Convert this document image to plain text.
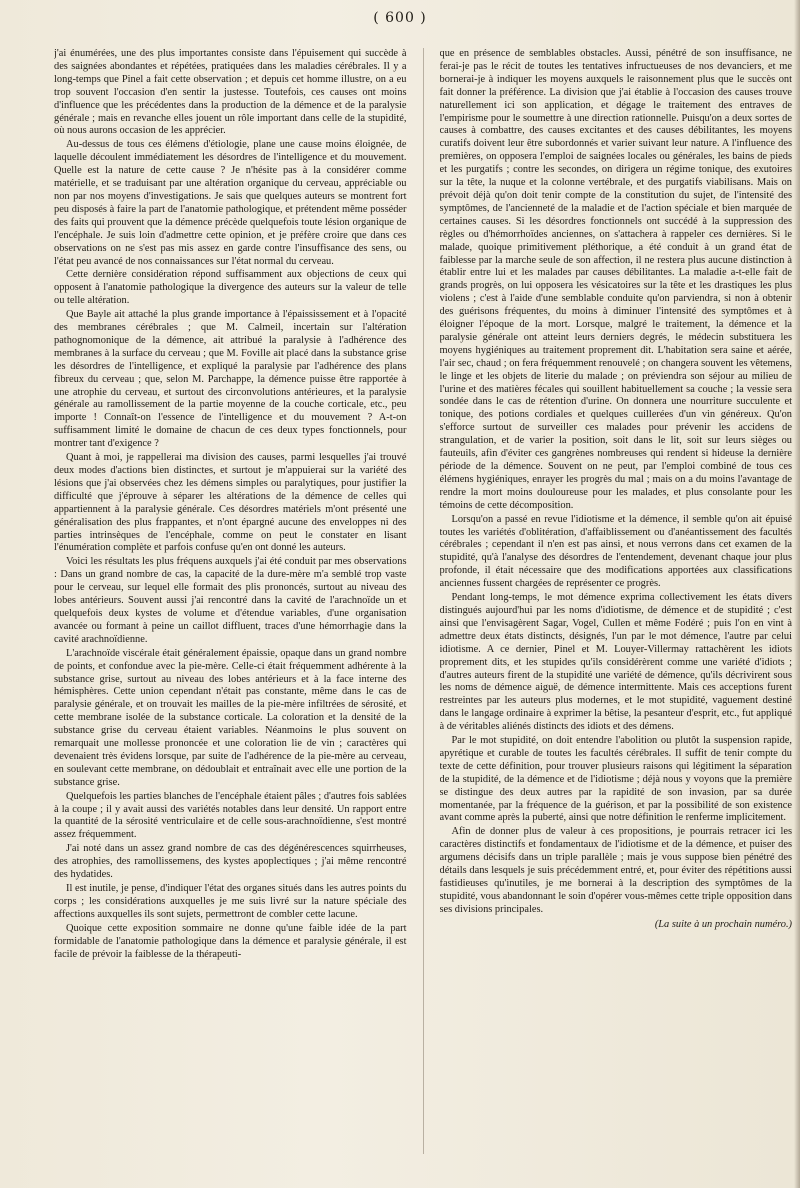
( 600 )

j'ai énumérées, une des plus importantes consiste dans l'épuisement qui succède à des saignées abondantes et répétées, pratiquées dans les maladies cérébrales. Il y a long-temps que Pinel a fait cette observation ; et depuis cet homme illustre, on a eu trop souvent l'occasion d'en sentir la justesse. Toutefois, ces causes ont moins d'influence que les précédentes dans la production de la démence et de la paralysie générale ; mais en revanche elles jouent un rôle important dans celle de la stupidité, où nous aurons occasion de les apprécier.

Au-dessus de tous ces élémens d'étiologie, plane une cause moins éloignée, de laquelle découlent immédiatement les désordres de l'intelligence et du mouvement. Quelle est la nature de cette cause ? Je n'hésite pas à la considérer comme matérielle, et se traduisant par une altération organique du cerveau, appréciable ou non par nos moyens d'investigations. Je sais que quelques auteurs se montrent fort peu disposés à faire la part de l'anatomie pathologique, et prétendent même posséder des faits qui prouvent que la démence précède quelquefois toute lésion organique de l'encéphale. Je suis loin d'admettre cette opinion, et je préfère croire que dans ces observations on ne s'est pas mis assez en garde contre l'insuffisance des sens, ou l'état peu avancé de nos connaissances sur l'état normal du cerveau.

Cette dernière considération répond suffisamment aux objections de ceux qui opposent à l'anatomie pathologique la divergence des auteurs sur la valeur de telle ou telle altération.

Que Bayle ait attaché la plus grande importance à l'épaississement et à l'opacité des membranes cérébrales ; que M. Calmeil, incertain sur l'altération pathognomonique de la démence, ait attribué la paralysie à l'adhérence des membranes à la surface du cerveau ; que M. Foville ait placé dans la substance grise les désordres de l'intelligence, et expliqué la paralysie par l'adhérence des plans fibreux du cerveau ; que, selon M. Parchappe, la démence puisse être rapportée à une atrophie du cerveau, et surtout des circonvolutions antérieures, et la paralysie générale au ramollissement de la partie moyenne de la couche corticale, etc., peu importe ! Connaît-on l'essence de l'intelligence et du mouvement ? A-t-on suffisamment limité le domaine de chacun de ces deux types fonctionnels, pour montrer tant d'exigence ?

Quant à moi, je rappellerai ma division des causes, parmi lesquelles j'ai trouvé deux modes d'actions bien distinctes, et surtout je m'appuierai sur la variété des lésions que j'ai observées chez les démens simples ou paralytiques, pour justifier la difficulté que j'éprouve à séparer les altérations de la démence de celles qui appartiennent à la paralysie générale. Ces désordres matériels m'ont présenté une généralisation des plus frappantes, et n'ont épargné aucune des enveloppes ni des parties intrinsèques de l'encéphale, comme on peut le constater en lisant l'énumération complète et parfois confuse qu'en ont donné les auteurs.

Voici les résultats les plus fréquens auxquels j'ai été conduit par mes observations : Dans un grand nombre de cas, la capacité de la dure-mère m'a semblé trop vaste pour le cerveau, sur lequel elle formait des plis prononcés, surtout au niveau des lobes antérieurs. Souvent aussi j'ai rencontré dans la cavité de l'arachnoïde un et quelquefois deux kystes de volume et d'étendue variables, d'une organisation avancée ou formant à peine un caillot diffluent, traces d'une hémorrhagie dans la cavité arachnoïdienne.

L'arachnoïde viscérale était généralement épaissie, opaque dans un grand nombre de points, et confondue avec la pie-mère. Celle-ci était fréquemment adhérente à la substance grise, surtout au niveau des lobes antérieurs et à la face interne des hémisphères. Cette union cependant n'était pas constante, même dans le cas de paralysie générale, et on trouvait les mailles de la pie-mère infiltrées de sérosité, et cette membrane isolée de la substance corticale. La coloration et la densité de la substance grise du cerveau étaient variables. Néanmoins le plus souvent on remarquait une mollesse prononcée et une coloration lie de vin ; caractères qui devenaient très évidens lorsque, par suite de l'adhérence de la pie-mère au cerveau, en soulevant cette membrane, on dédoublait et entraînait avec elle une portion de la substance grise.

Quelquefois les parties blanches de l'encéphale étaient pâles ; d'autres fois sablées à la coupe ; il y avait aussi des variétés notables dans leur densité. Un rapport entre la quantité de la sérosité ventriculaire et de celle sous-arachnoïdienne, s'est montré assez fréquemment.

J'ai noté dans un assez grand nombre de cas des dégénérescences squirrheuses, des atrophies, des ramollissemens, des kystes apoplectiques ; j'ai même rencontré des hydatides.

Il est inutile, je pense, d'indiquer l'état des organes situés dans les autres points du corps ; les considérations auxquelles je me suis livré sur la nature spéciale des affections auxquelles ils sont sujets, permettront de combler cette lacune.

Quoique cette exposition sommaire ne donne qu'une faible idée de la part formidable de l'anatomie pathologique dans la démence et paralysie générale, il est facile de prévoir la faiblesse de la thérapeuti-

que en présence de semblables obstacles. Aussi, pénétré de son insuffisance, ne ferai-je pas le récit de toutes les tentatives infructueuses de nos devanciers, et me bornerai-je à indiquer les moyens auxquels le raisonnement plus que le succès ont fait donner la préférence. La division que j'ai établie à l'occasion des causes trouve naturellement ici son application, et dégage le traitement des entraves de l'empirisme pour le soumettre à une direction rationnelle. Puisqu'on a deux sortes de causes à combattre, des causes excitantes et des causes débilitantes, les moyens curatifs doivent leur être subordonnés et varier suivant leur nature. A l'influence des premières, on opposera l'emploi de saignées locales ou générales, les bains de pieds et les purgatifs ; contre les secondes, on dirigera un régime tonique, des exutoires sur la tête, la nuque et la colonne vertébrale, et des purgatifs viabilisans. Mais on prévoit déjà qu'on doit tenir compte de la constitution du sujet, de l'intensité des symptômes, de l'ancienneté de la maladie et de l'action spéciale et bien marquée de certaines causes. Si les désordres fonctionnels ont succédé à la suppression des règles ou d'hémorrhoïdes anciennes, on s'attachera à rappeler ces dernières. Si le malade, quoique primitivement pléthorique, a été conduit à un grand état de faiblesse par la marche seule de son affection, il ne restera plus aucune distinction à établir entre lui et les malades par causes débilitantes. La maladie a-t-elle fait de grands progrès, on lui opposera les vésicatoires sur la tête et les drastiques les plus violens ; c'est à l'aide d'une semblable conduite qu'on parviendra, si non à obtenir des guérisons fréquentes, du moins à diminuer l'intensité des symptômes et à éloigner l'époque de la mort. Lorsque, malgré le traitement, la démence et la paralysie générale ont atteint leurs derniers degrés, le médecin substituera les moyens hygiéniques au traitement proprement dit. L'habitation sera saine et aérée, l'air sec, chaud ; on fera fréquemment renouvelé ; on changera souvent les vêtemens, le linge et les objets de literie du malade ; on préviendra son séjour au milieu de l'urine et des matières fécales qui souillent habituellement sa couche ; la vessie sera sondée dans le cas de rétention d'urine. On donnera une nourriture succulente et tonique, des potions cordiales et quelques cuillerées d'un vin généreux. Qu'on s'efforce surtout de surveiller ces malades pour prévenir les accidens de strangulation, et de varier la position, soit dans le lit, soit sur leurs sièges ou fauteuils, afin d'éviter ces gangrènes nombreuses qui rendent si hideuse la dernière période de la démence. Souvent on ne peut, par l'emploi combiné de tous ces élémens hygiéniques, enrayer les progrès du mal ; mais on a du moins l'avantage de rendre la mort moins douloureuse pour les malades, et plus consolante pour les témoins de cette décomposition.

Lorsqu'on a passé en revue l'idiotisme et la démence, il semble qu'on ait épuisé toutes les variétés d'oblitération, d'affaiblissement ou d'anéantissement des facultés cérébrales ; cependant il n'en est pas ainsi, et nous verrons dans cet examen de la stupidité, qu'à l'analyse des désordres de l'entendement, devenant chaque jour plus profonde, il était nécessaire que des modifications apportées aux classifications anciennes fussent chargées de représenter ce progrès.

Pendant long-temps, le mot démence exprima collectivement les états divers distingués aujourd'hui par les noms d'idiotisme, de démence et de stupidité ; c'est ainsi que l'envisagèrent Sagar, Vogel, Cullen et même Fodéré ; puis l'on en vint à admettre deux états distincts, désignés, l'un par le mot démence, l'autre par celui idiotisme. A ce dernier, Pinel et M. Louyer-Villermay rattachèrent les idiots proprement dits, et les stupides qu'ils considérèrent comme une variété d'idiots ; d'autres auteurs firent de la stupidité une variété de démence, qu'ils décrivirent sous les noms de démence aiguë, de démence intermittente. Mais ces acceptions furent restreintes par les auteurs plus modernes, et le mot stupidité, vaguement destiné dans le langage ordinaire à exprimer la bêtise, la pesanteur d'esprit, etc., fut appliqué à de véritables aliénés distincts des idiots et des démens.

Par le mot stupidité, on doit entendre l'abolition ou plutôt la suspension rapide, apyrétique et curable de toutes les facultés cérébrales. Il suffit de tenir compte du texte de cette définition, pour trouver plusieurs raisons qui légitiment la séparation de la stupidité, de la démence et de l'idiotisme ; déjà nous y voyons que la première se distingue des deux autres par la rapidité de son invasion, par sa durée momentanée, par la fréquence de la guérison, et par la possibilité de son existence avant comme après la puberté, ainsi que notre définition le renferme implicitement.

Afin de donner plus de valeur à ces propositions, je pourrais retracer ici les caractères distinctifs et fondamentaux de l'idiotisme et de la démence, et puiser des argumens décisifs dans un triple parallèle ; mais je vous suppose bien pénétré des détails dans lesquels je suis précédemment entré, et, pour éviter des répétitions aussi fastidieuses qu'inutiles, je me bornerai à la description des symptômes de la stupidité, vous abandonnant le soin d'opérer vous-mêmes cette triple opposition dans ses divisions principales.

(La suite à un prochain numéro.)
